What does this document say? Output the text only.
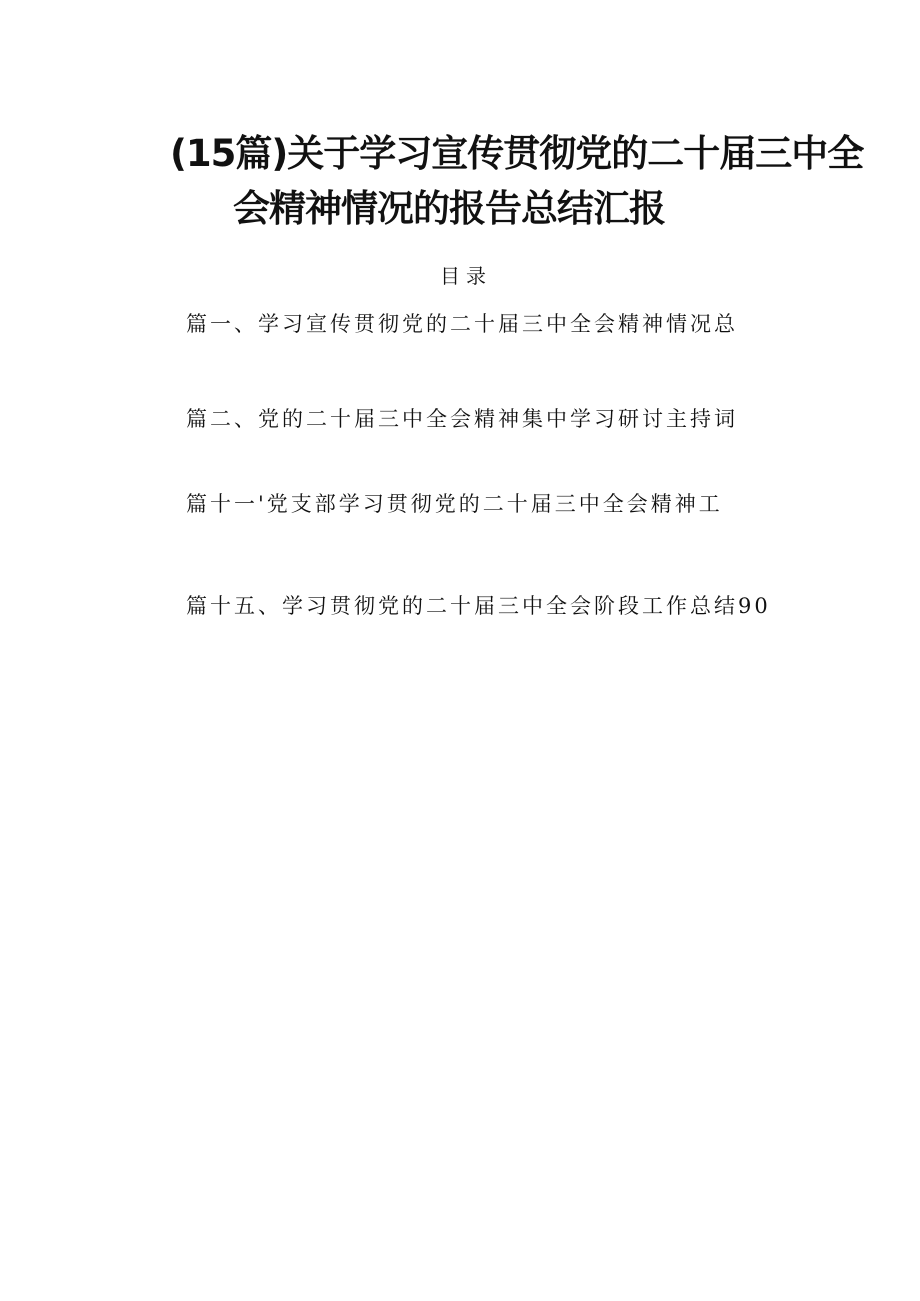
(15篇)关于学习宣传贯彻党的二十届三中全
会精神情况的报告总结汇报
目录
篇一、学习宣传贯彻党的二十届三中全会精神情况总
篇二、党的二十届三中全会精神集中学习研讨主持词
篇十一'党支部学习贯彻党的二十届三中全会精神工
篇十五、学习贯彻党的二十届三中全会阶段工作总结90
